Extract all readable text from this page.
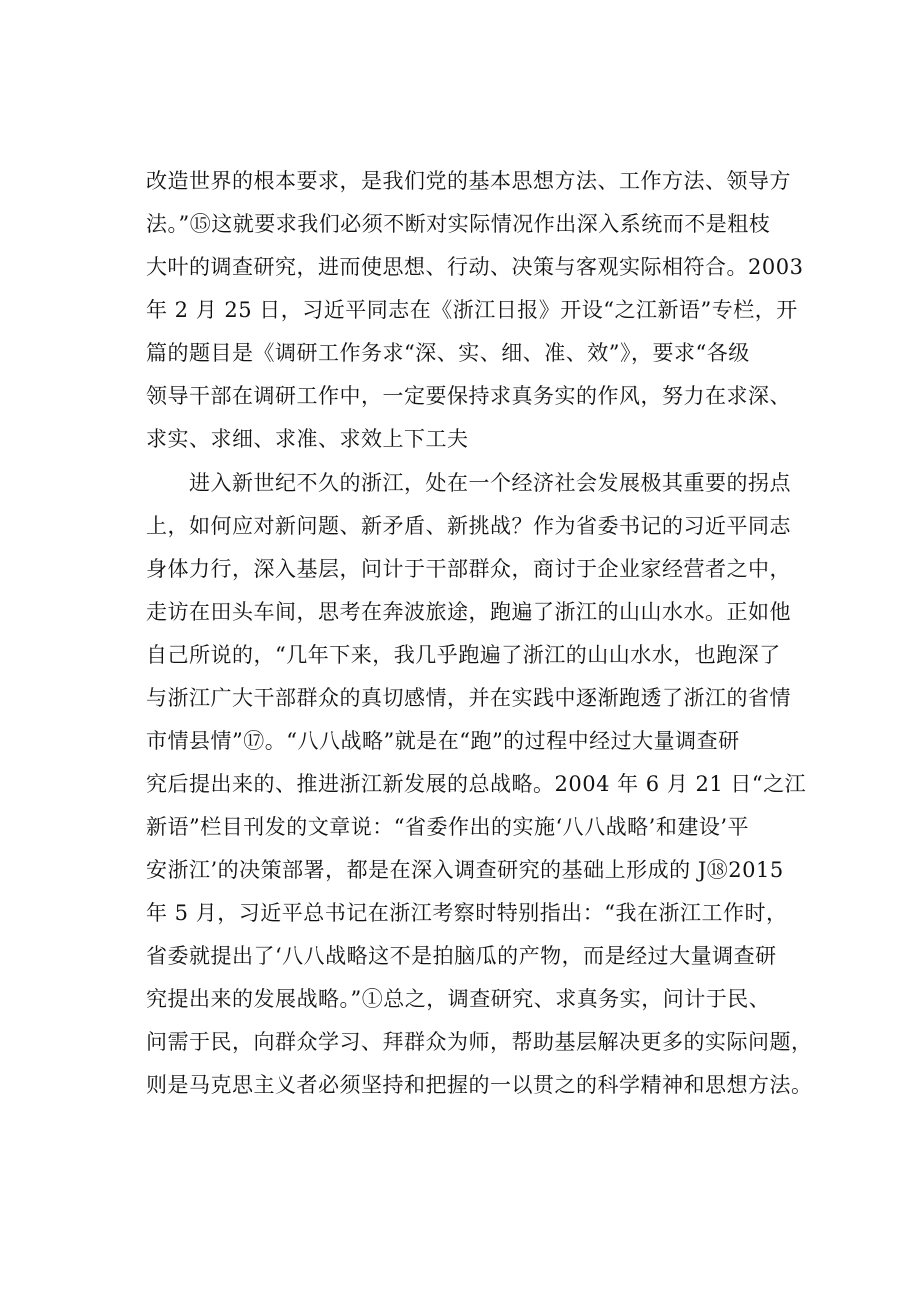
改造世界的根本要求，是我们党的基本思想方法、工作方法、领导方
法。”⑮这就要求我们必须不断对实际情况作出深入系统而不是粗枝
大叶的调查研究，进而使思想、行动、决策与客观实际相符合。2003
年 2 月 25 日，习近平同志在《浙江日报》开设“之江新语”专栏，开
篇的题目是《调研工作务求“深、实、细、准、效”》，要求“各级
领导干部在调研工作中，一定要保持求真务实的作风，努力在求深、
求实、求细、求准、求效上下工夫
　　进入新世纪不久的浙江，处在一个经济社会发展极其重要的拐点
上，如何应对新问题、新矛盾、新挑战？作为省委书记的习近平同志
身体力行，深入基层，问计于干部群众，商讨于企业家经营者之中，
走访在田头车间，思考在奔波旅途，跑遍了浙江的山山水水。正如他
自己所说的，“几年下来，我几乎跑遍了浙江的山山水水，也跑深了
与浙江广大干部群众的真切感情，并在实践中逐渐跑透了浙江的省情
市情县情”⑰。“八八战略”就是在“跑”的过程中经过大量调查研
究后提出来的、推进浙江新发展的总战略。2004 年 6 月 21 日“之江
新语”栏目刊发的文章说：“省委作出的实施‘八八战略’和建设’平
安浙江’的决策部署，都是在深入调查研究的基础上形成的 J⑱2015
年 5 月，习近平总书记在浙江考察时特别指出：“我在浙江工作时，
省委就提出了‘八八战略这不是拍脑瓜的产物，而是经过大量调查研
究提出来的发展战略。”①总之，调查研究、求真务实，问计于民、
问需于民，向群众学习、拜群众为师，帮助基层解决更多的实际问题，
则是马克思主义者必须坚持和把握的一以贯之的科学精神和思想方法。
